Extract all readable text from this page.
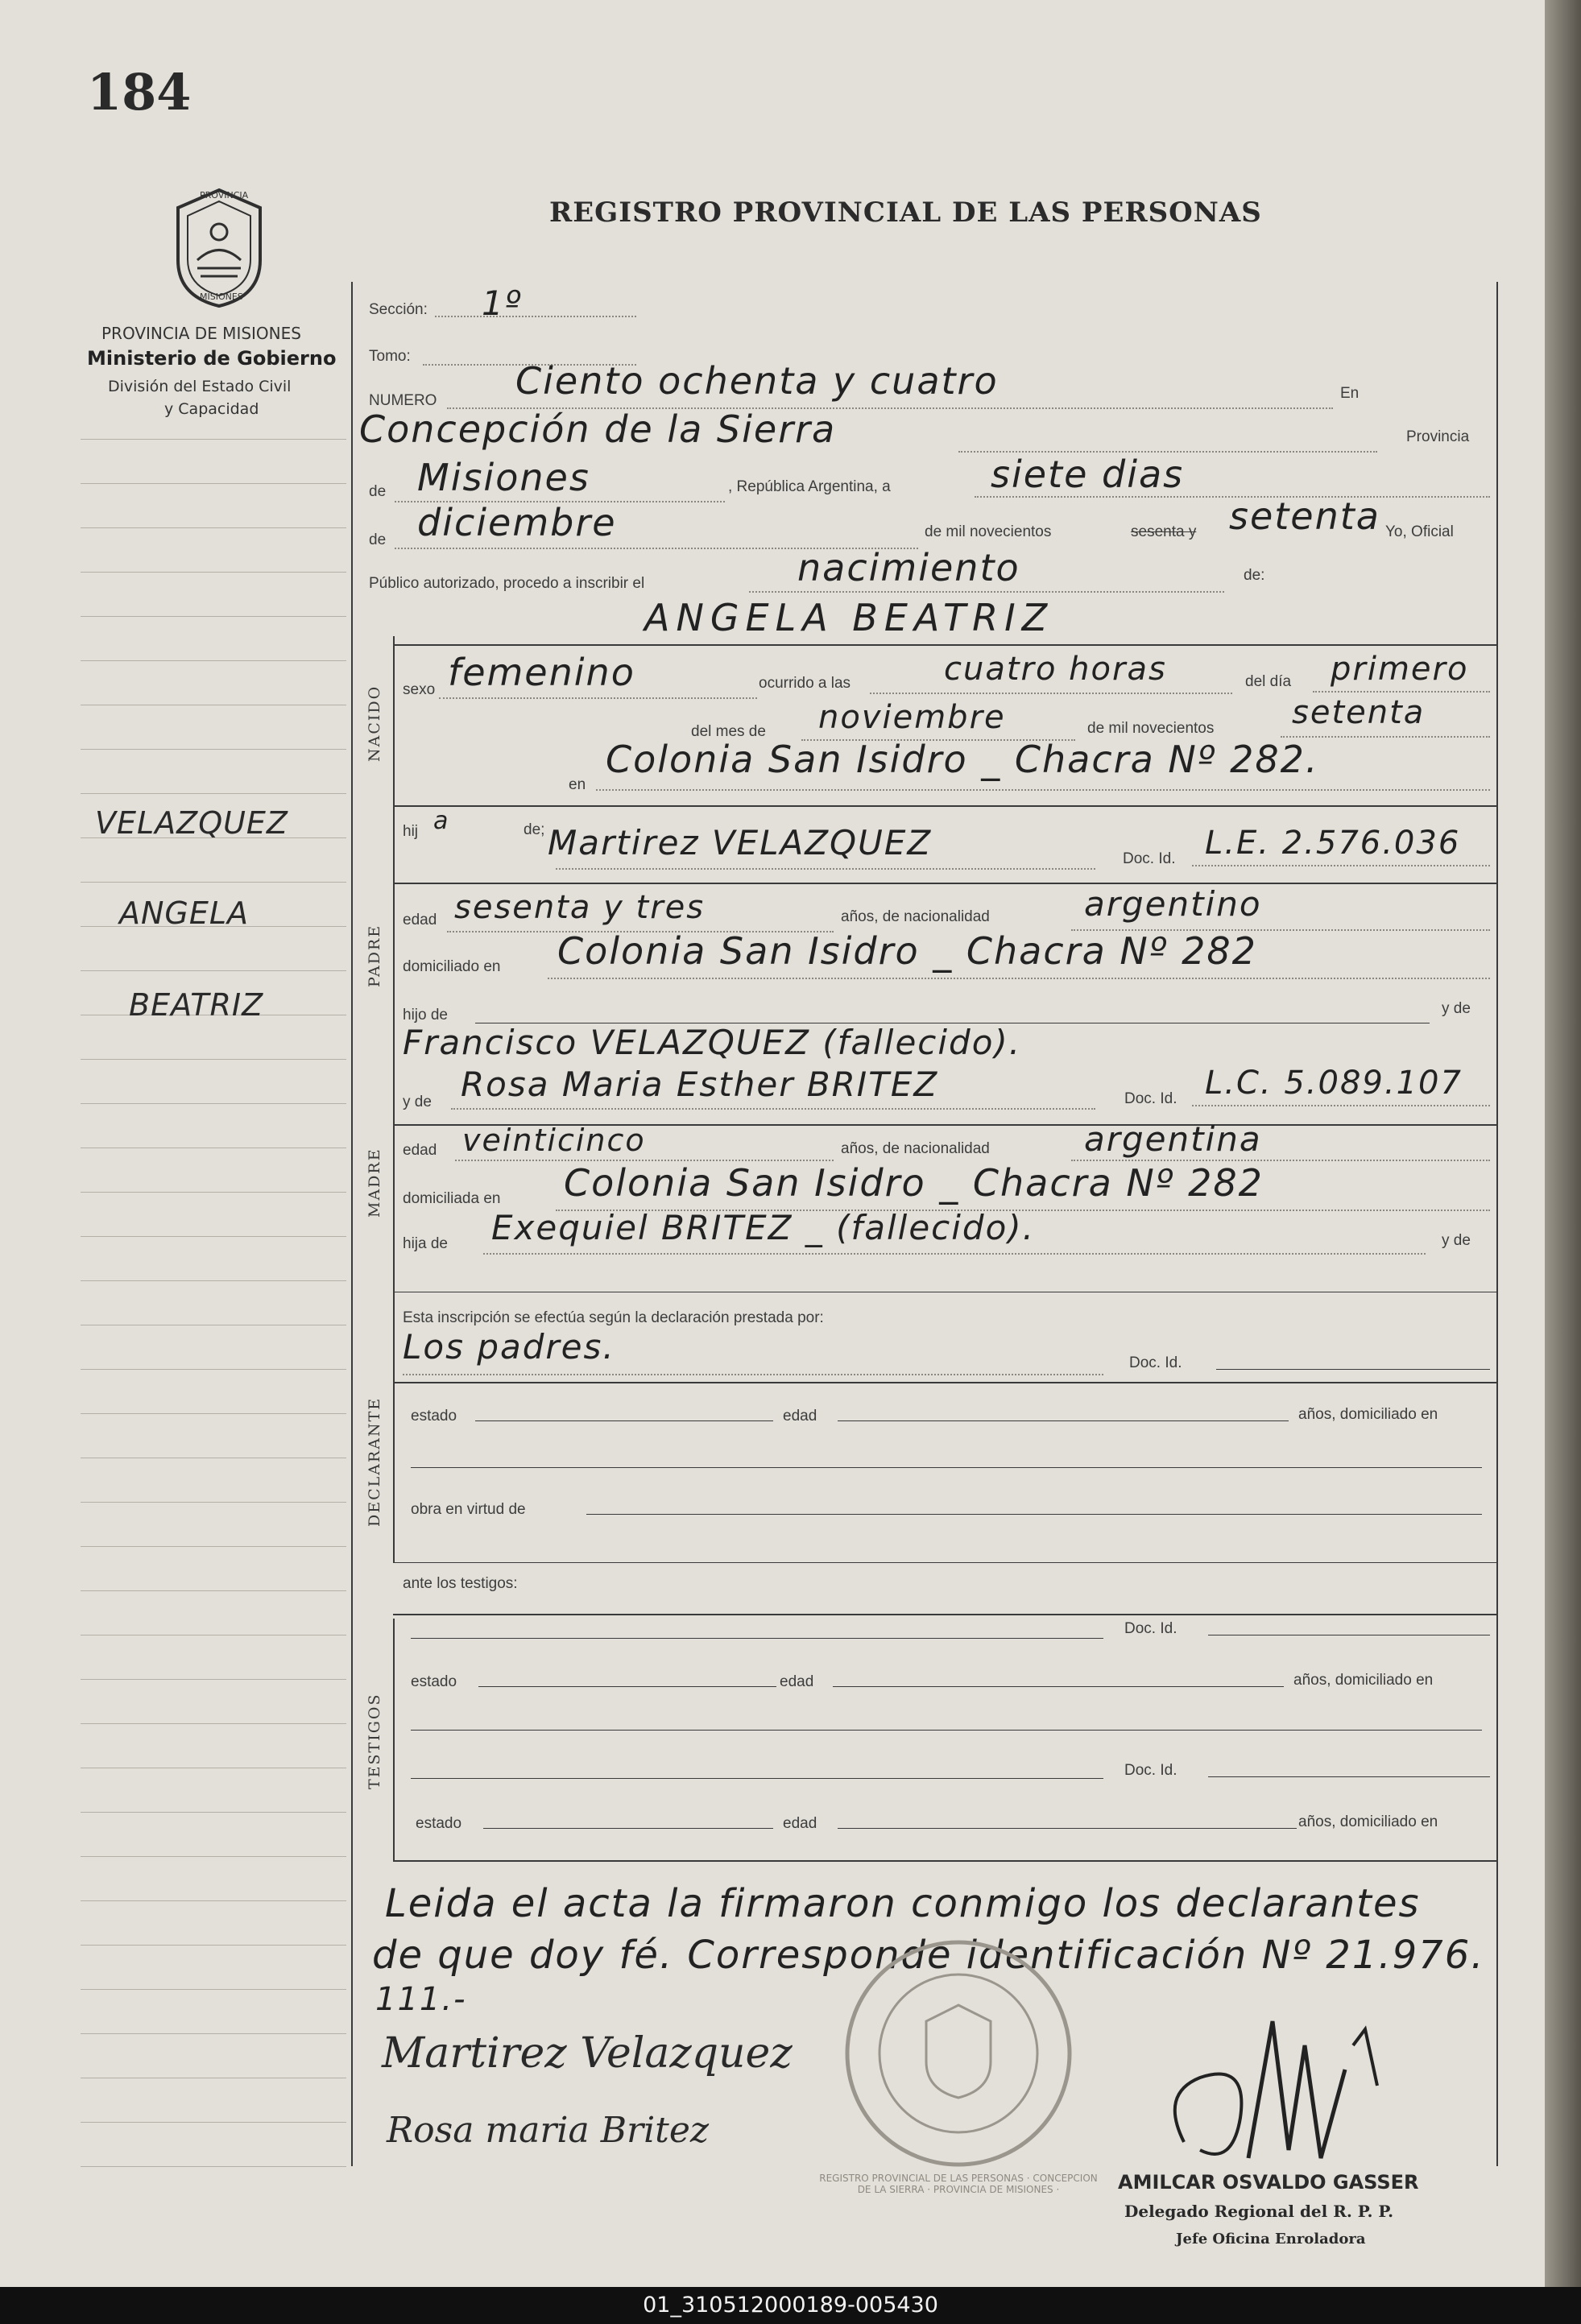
01_310512000189-005430
184
REGISTRO PROVINCIAL DE LAS PERSONAS
PROVINCIA
MISIONES
PROVINCIA DE MISIONES
Ministerio de Gobierno
División del Estado Civil
y Capacidad
VELAZQUEZ
ANGELA
BEATRIZ
NACIDO
PADRE
MADRE
DECLARANTE
TESTIGOS
Sección: 1º
Tomo:
NUMERO Ciento ochenta y cuatro	En
Concepción de la Sierra	Provincia
de Misiones	, República Argentina, a	siete dias
de diciembre	de mil novecientos	sesenta y setenta Yo, Oficial
Público autorizado, procedo a inscribir el	nacimiento	de:
ANGELA BEATRIZ
sexo femenino	ocurrido a las	cuatro horas	del día primero
del mes de noviembre	de mil novecientos setenta
en
Colonia San Isidro _ Chacra Nº 282.
hij a	de; Martirez VELAZQUEZ	Doc. Id. L.E. 2.576.036
edad sesenta y tres	años, de nacionalidad	argentino
domiciliado en Colonia San Isidro _ Chacra Nº 282
hijo de	y de
Francisco VELAZQUEZ (fallecido).
y de Rosa Maria Esther BRITEZ	Doc. Id. L.C. 5.089.107
edad veinticinco	años, de nacionalidad	argentina
domiciliada en Colonia San Isidro _ Chacra Nº 282
hija de Exequiel BRITEZ _ (fallecido).	y de
Esta inscripción se efectúa según la declaración prestada por:
Los padres.	Doc. Id.
estado	edad	años, domiciliado en
obra en virtud de
ante los testigos:
Doc. Id.
estado	edad	años, domiciliado en
Doc. Id.
estado	edad	años, domiciliado en
Leida el acta la firmaron conmigo los declarantes
de que doy fé. Corresponde identificación Nº 21.976.
111.-
REGISTRO PROVINCIAL DE LAS PERSONAS · CONCEPCION DE LA SIERRA · PROVINCIA DE MISIONES ·
Martirez Velazquez
Rosa maria Britez
AMILCAR OSVALDO GASSER
Delegado Regional del R. P. P.
Jefe Oficina Enroladora
